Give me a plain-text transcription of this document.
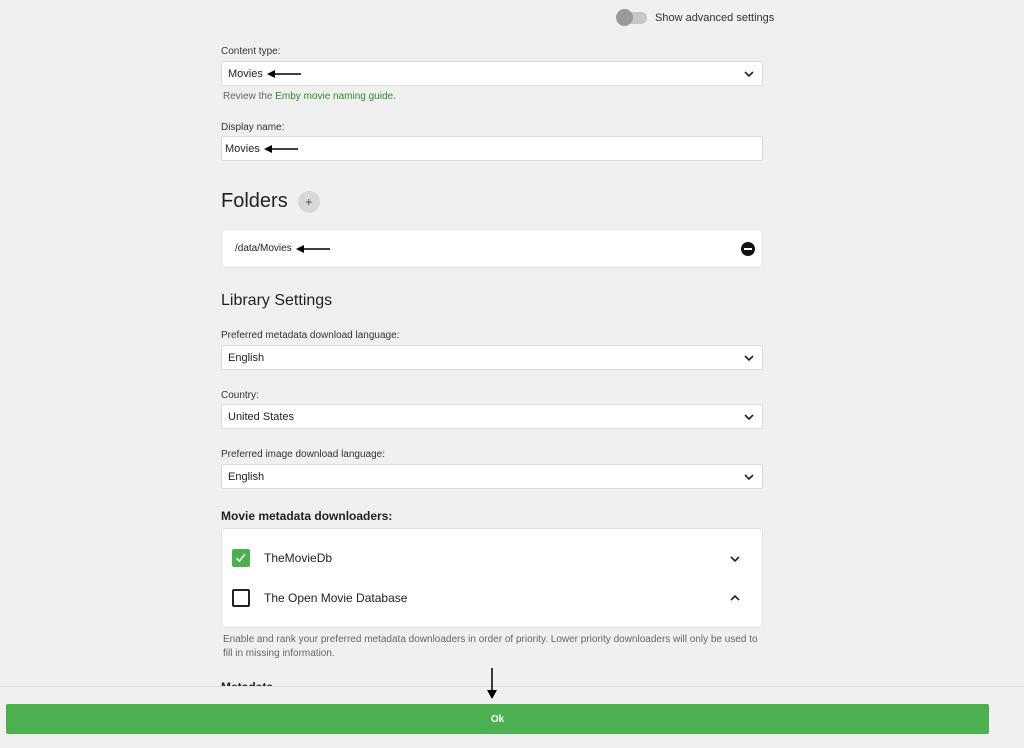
Show advanced settings
Content type:
Movies
Review the Emby movie naming guide.
Display name:
Movies
Folders	+
/data/Movies
Library Settings
Preferred metadata download language:
English
Country:
United States
Preferred image download language:
English
Movie metadata downloaders:
TheMovieDb
The Open Movie Database
Enable and rank your preferred metadata downloaders in order of priority. Lower priority downloaders will only be used to fill in missing information.
Ok
